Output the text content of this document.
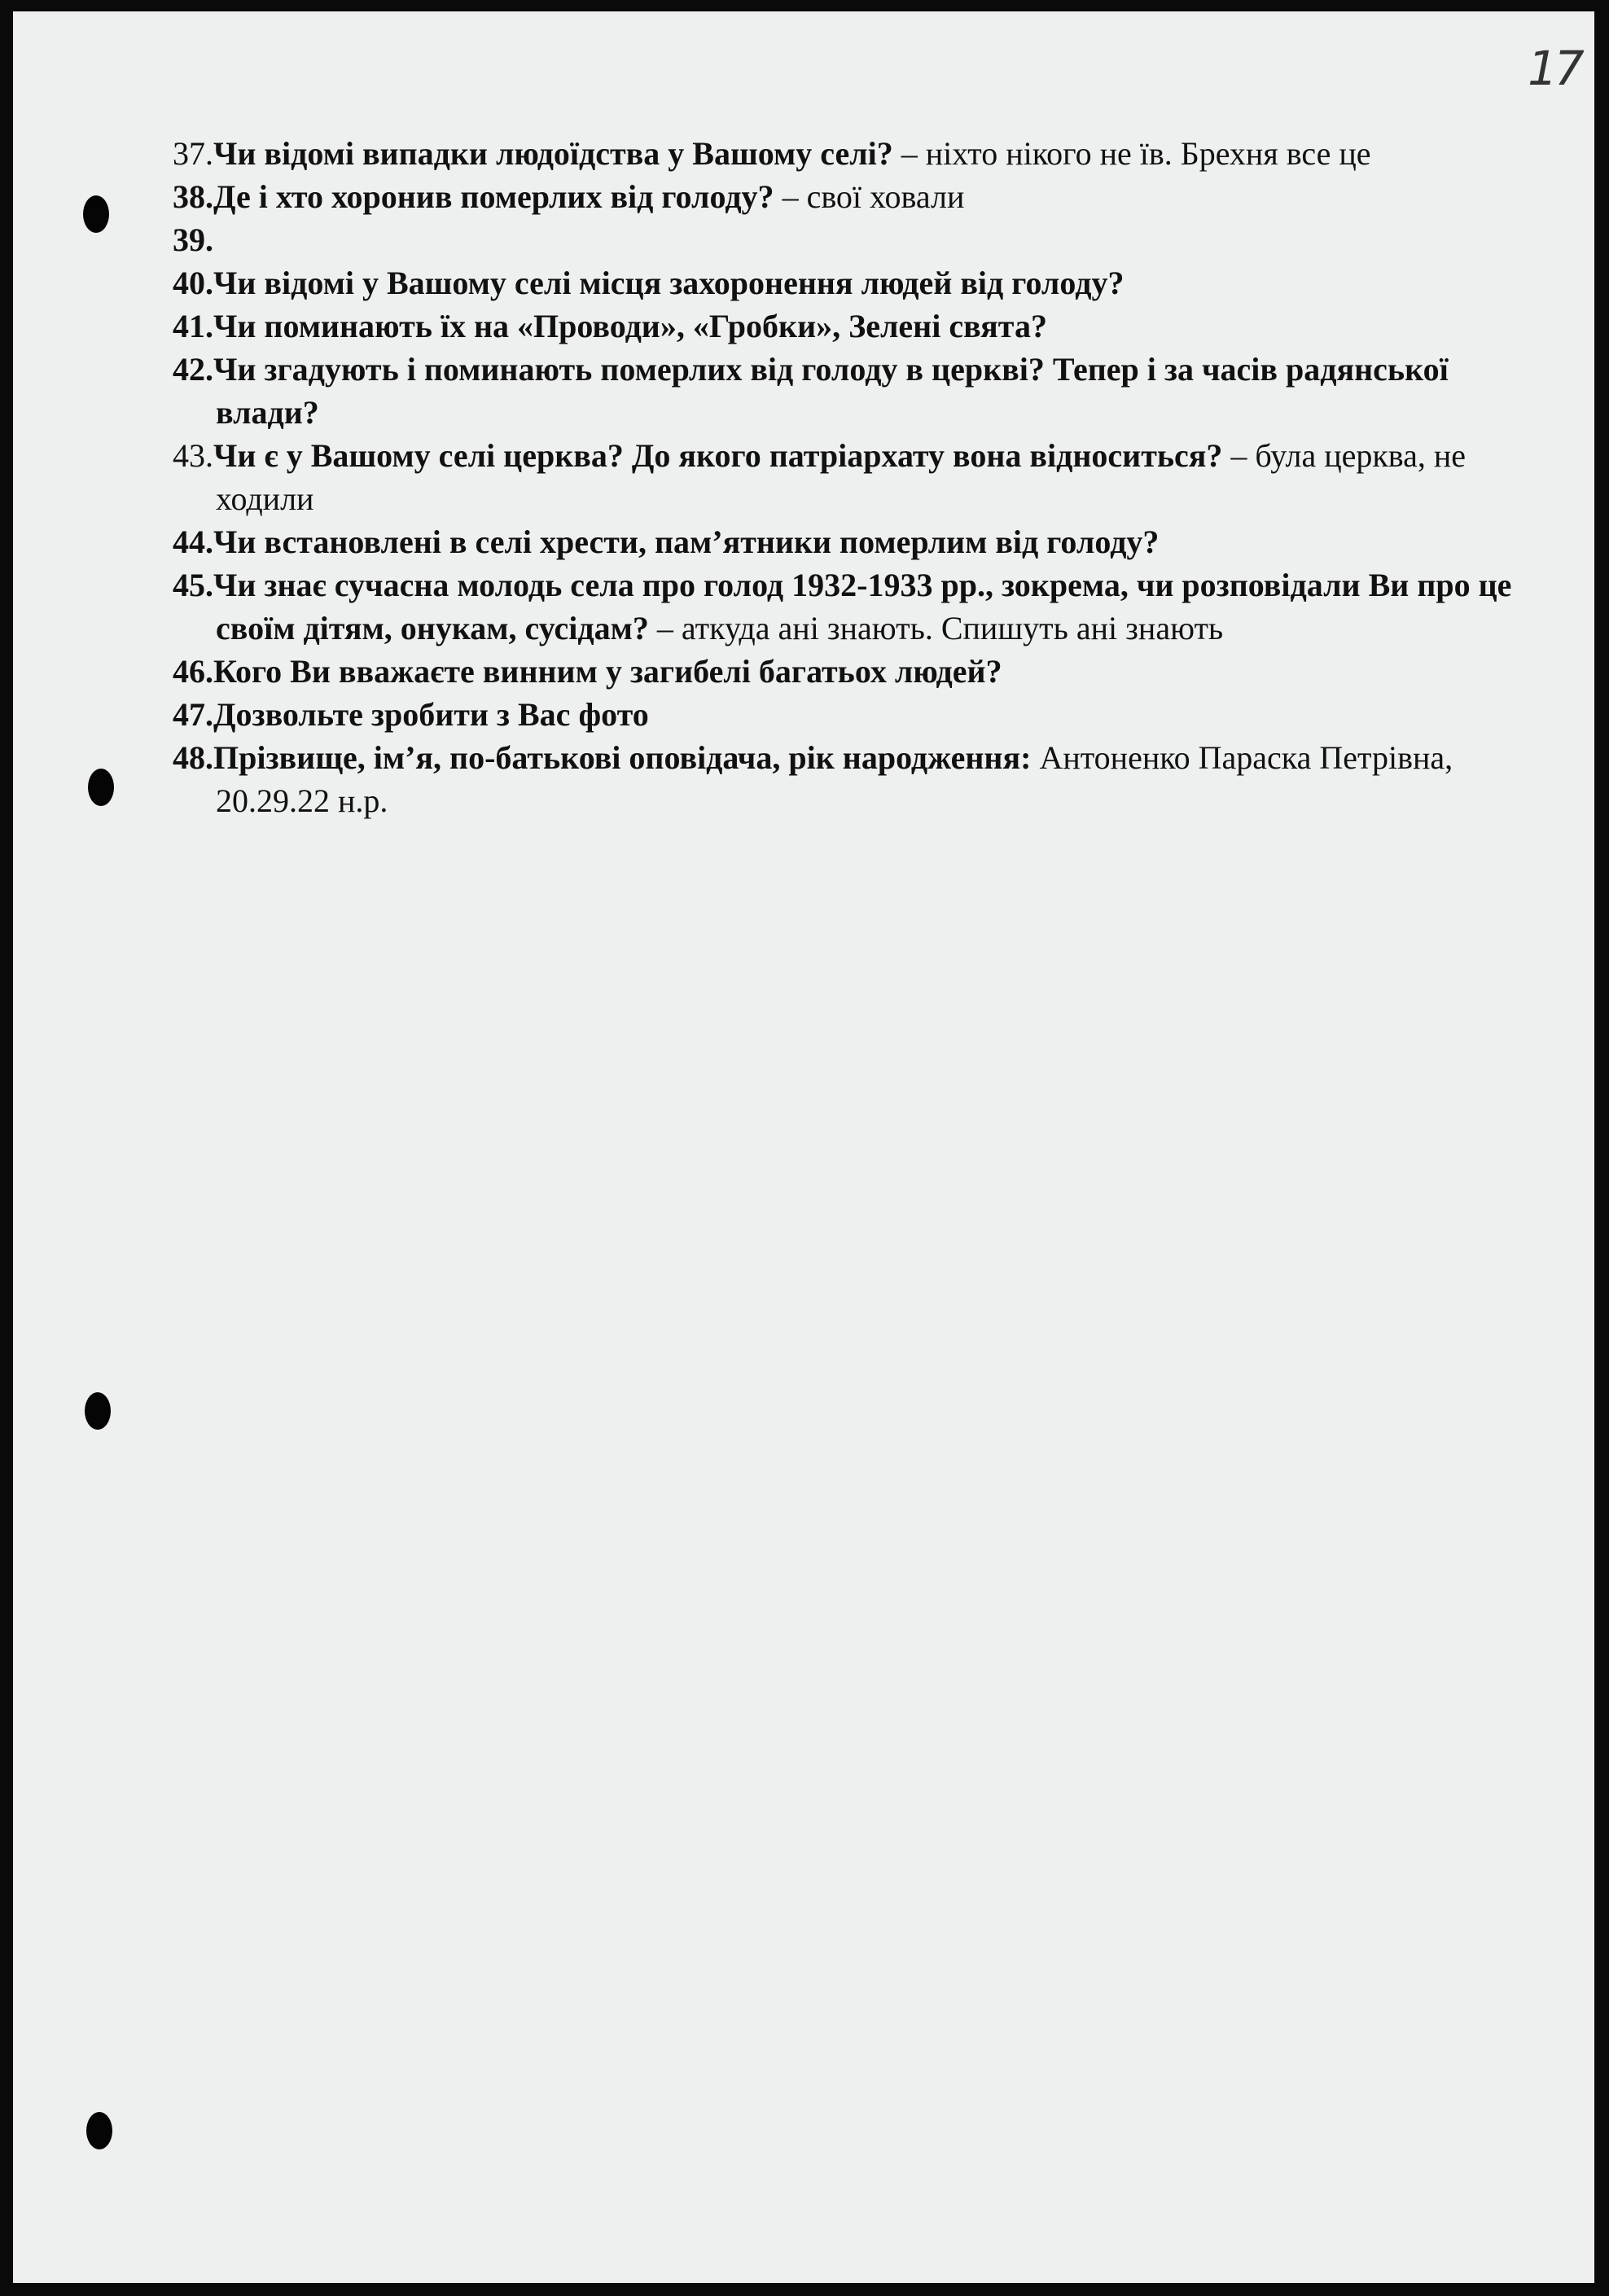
17
37.Чи відомі випадки людоїдства у Вашому селі? – ніхто нікого не їв. Брехня все це
38.Де і хто хоронив померлих від голоду? – свої ховали
39.
40.Чи відомі у Вашому селі місця захоронення людей від голоду?
41.Чи поминають їх на «Проводи», «Гробки», Зелені свята?
42.Чи згадують і поминають померлих від голоду в церкві? Тепер і за часів радянської влади?
43.Чи є у Вашому селі церква? До якого патріархату вона відноситься? – була церква, не ходили
44.Чи встановлені в селі хрести, пам’ятники померлим від голоду?
45.Чи знає сучасна молодь села про голод 1932-1933 рр., зокрема, чи розповідали Ви про це своїм дітям, онукам, сусідам? – аткуда ані знають. Спишуть ані знають
46.Кого Ви вважаєте винним у загибелі багатьох людей?
47.Дозвольте зробити з Вас фото
48.Прізвище, ім’я, по-батькові оповідача, рік народження: Антоненко Параска Петрівна, 20.29.22 н.р.
